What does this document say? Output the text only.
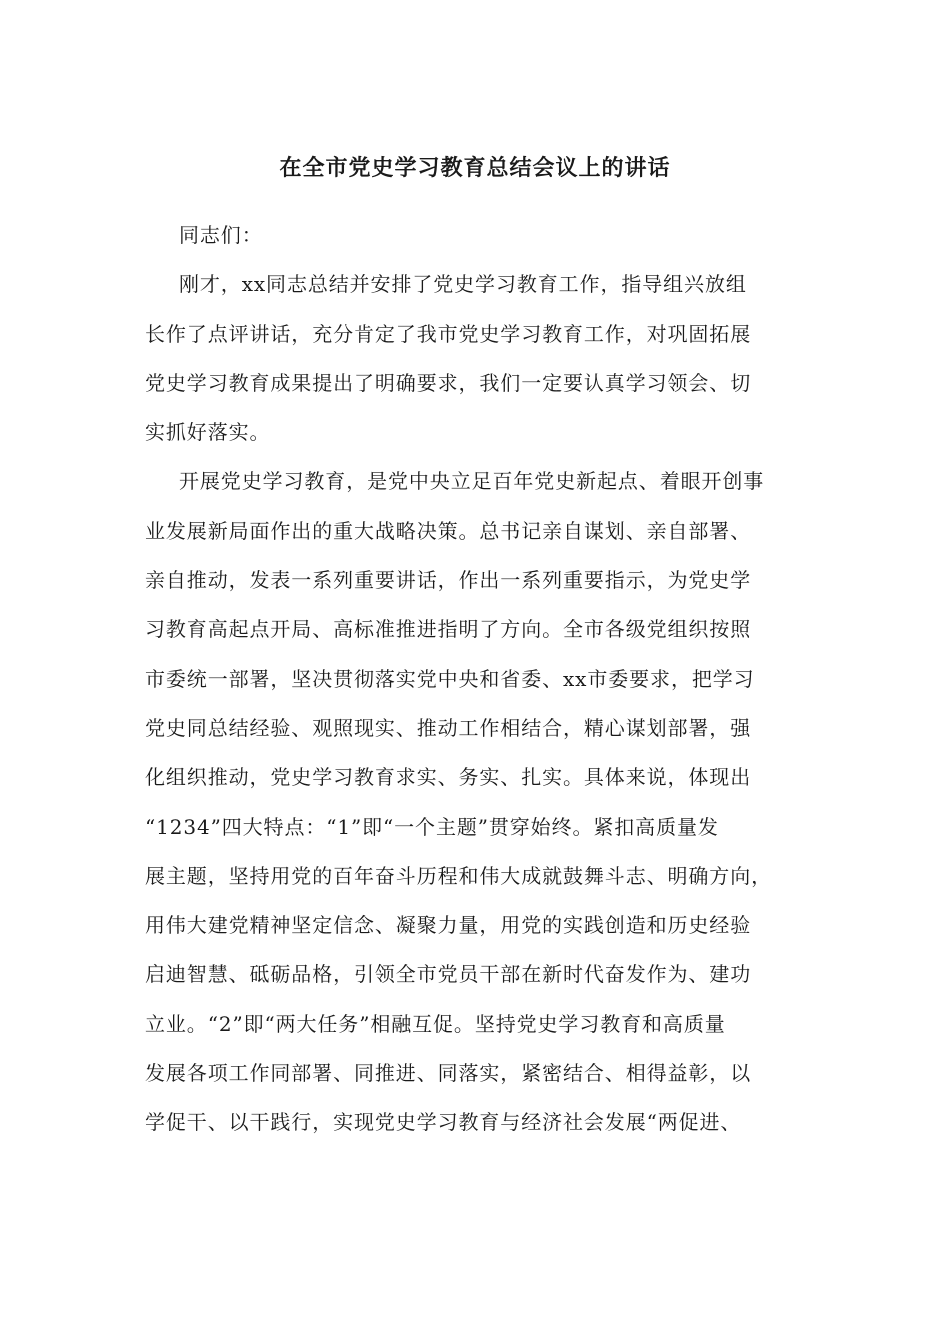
在全市党史学习教育总结会议上的讲话
同志们：
刚才，xx同志总结并安排了党史学习教育工作，指导组兴放组
长作了点评讲话，充分肯定了我市党史学习教育工作，对巩固拓展
党史学习教育成果提出了明确要求，我们一定要认真学习领会、切
实抓好落实。
开展党史学习教育，是党中央立足百年党史新起点、着眼开创事
业发展新局面作出的重大战略决策。总书记亲自谋划、亲自部署、
亲自推动，发表一系列重要讲话，作出一系列重要指示，为党史学
习教育高起点开局、高标准推进指明了方向。全市各级党组织按照
市委统一部署，坚决贯彻落实党中央和省委、xx市委要求，把学习
党史同总结经验、观照现实、推动工作相结合，精心谋划部署，强
化组织推动，党史学习教育求实、务实、扎实。具体来说，体现出
“1234”四大特点：“1”即“一个主题”贯穿始终。紧扣高质量发
展主题，坚持用党的百年奋斗历程和伟大成就鼓舞斗志、明确方向，
用伟大建党精神坚定信念、凝聚力量，用党的实践创造和历史经验
启迪智慧、砥砺品格，引领全市党员干部在新时代奋发作为、建功
立业。“2”即“两大任务”相融互促。坚持党史学习教育和高质量
发展各项工作同部署、同推进、同落实，紧密结合、相得益彰，以
学促干、以干践行，实现党史学习教育与经济社会发展“两促进、
